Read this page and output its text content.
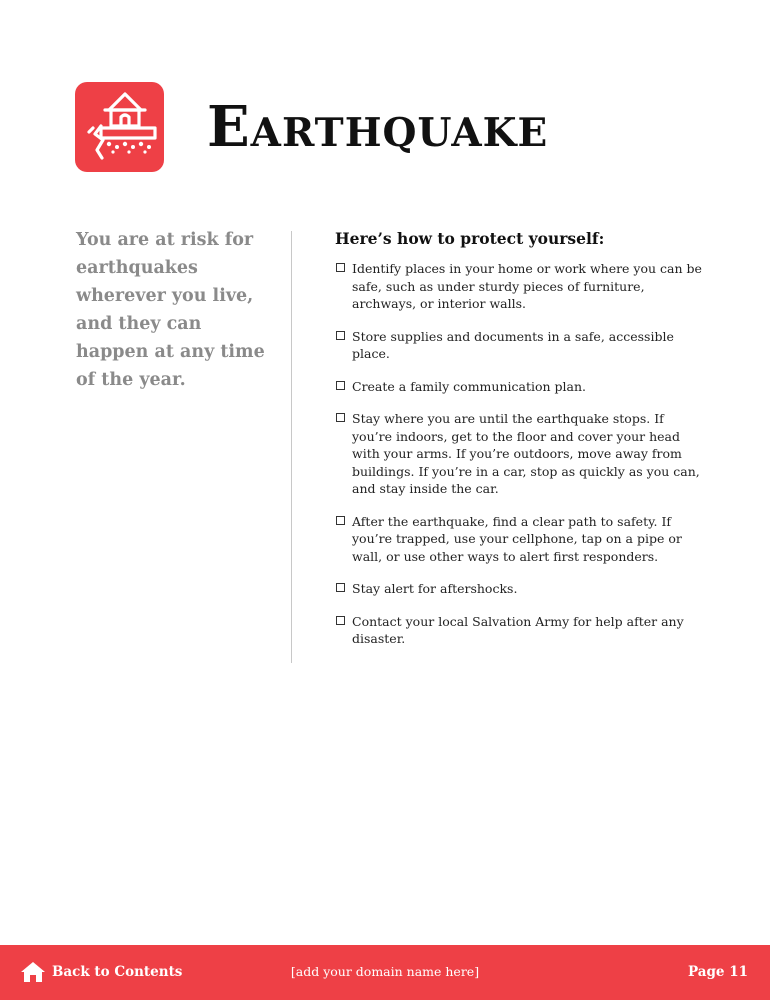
Earthquake
You are at risk for earthquakes wherever you live, and they can happen at any time of the year.
Here’s how to protect yourself:
Identify places in your home or work where you can be safe, such as under sturdy pieces of furniture, archways, or interior walls.
Store supplies and documents in a safe, accessible place.
Create a family communication plan.
Stay where you are until the earthquake stops. If you’re indoors, get to the floor and cover your head with your arms. If you’re outdoors, move away from buildings. If you’re in a car, stop as quickly as you can, and stay inside the car.
After the earthquake, find a clear path to safety. If you’re trapped, use your cellphone, tap on a pipe or wall, or use other ways to alert first responders.
Stay alert for aftershocks.
Contact your local Salvation Army for help after any disaster.
Back to Contents	[add your domain name here]	Page 11
